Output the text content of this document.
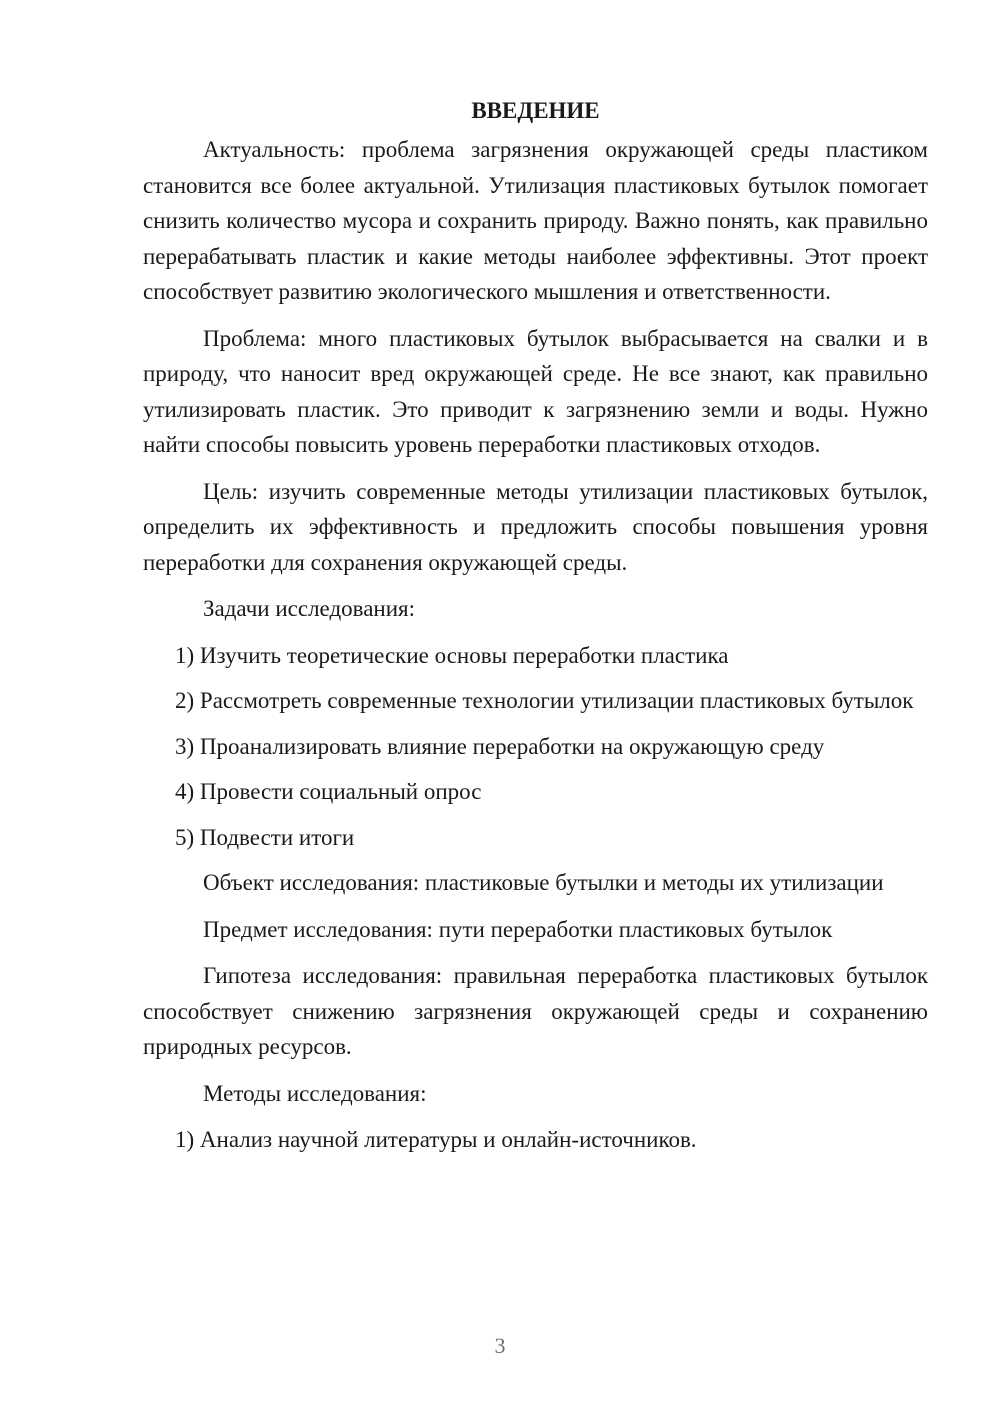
ВВЕДЕНИЕ

Актуальность: проблема загрязнения окружающей среды пластиком становится все более актуальной. Утилизация пластиковых бутылок помогает снизить количество мусора и сохранить природу. Важно понять, как правильно перерабатывать пластик и какие методы наиболее эффективны. Этот проект способствует развитию экологического мышления и ответственности.

Проблема: много пластиковых бутылок выбрасывается на свалки и в природу, что наносит вред окружающей среде. Не все знают, как правильно утилизировать пластик. Это приводит к загрязнению земли и воды. Нужно найти способы повысить уровень переработки пластиковых отходов.

Цель: изучить современные методы утилизации пластиковых бутылок, определить их эффективность и предложить способы повышения уровня переработки для сохранения окружающей среды.

Задачи исследования:

1) Изучить теоретические основы переработки пластика

2) Рассмотреть современные технологии утилизации пластиковых бутылок

3) Проанализировать влияние переработки на окружающую среду

4) Провести социальный опрос

5) Подвести итоги

Объект исследования: пластиковые бутылки и методы их утилизации

Предмет исследования: пути переработки пластиковых бутылок

Гипотеза исследования: правильная переработка пластиковых бутылок способствует снижению загрязнения окружающей среды и сохранению природных ресурсов.

Методы исследования:

1) Анализ научной литературы и онлайн-источников.

3
